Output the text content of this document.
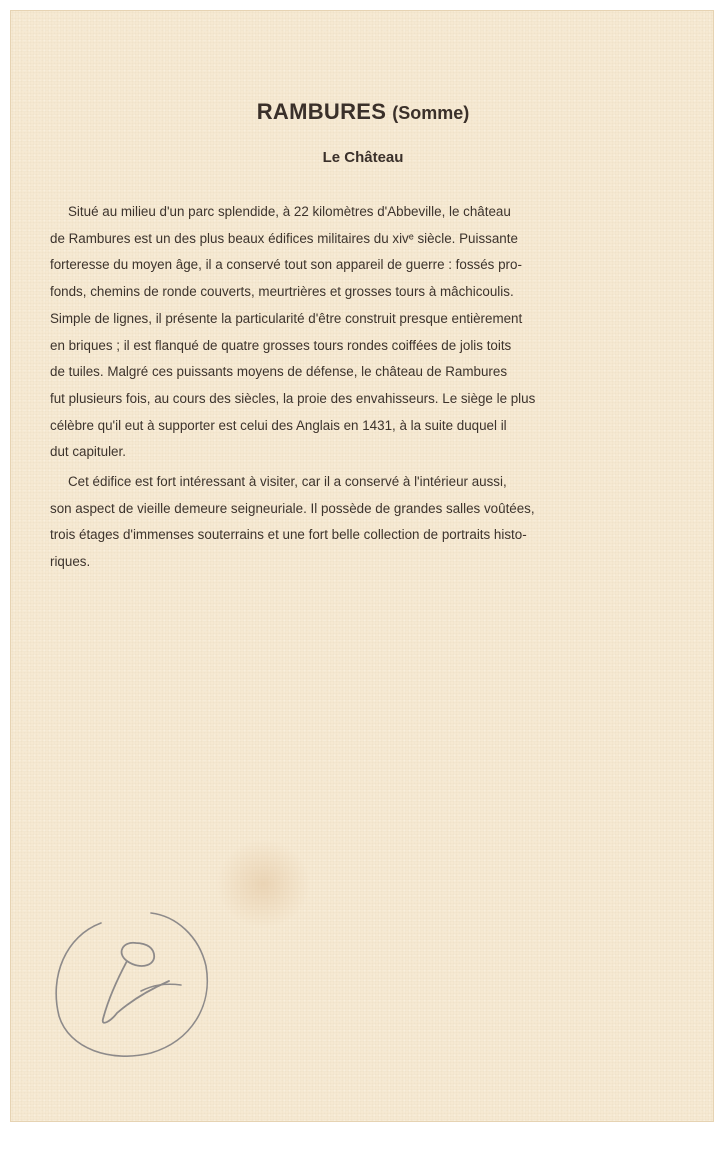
RAMBURES (Somme)
Le Château
Situé au milieu d'un parc splendide, à 22 kilomètres d'Abbeville, le château
de Rambures est un des plus beaux édifices militaires du xivᵉ siècle. Puissante
forteresse du moyen âge, il a conservé tout son appareil de guerre : fossés pro-
fonds, chemins de ronde couverts, meurtrières et grosses tours à mâchicoulis.
Simple de lignes, il présente la particularité d'être construit presque entièrement
en briques ; il est flanqué de quatre grosses tours rondes coiffées de jolis toits
de tuiles. Malgré ces puissants moyens de défense, le château de Rambures
fut plusieurs fois, au cours des siècles, la proie des envahisseurs. Le siège le plus
célèbre qu'il eut à supporter est celui des Anglais en 1431, à la suite duquel il
dut capituler.
Cet édifice est fort intéressant à visiter, car il a conservé à l'intérieur aussi,
son aspect de vieille demeure seigneuriale. Il possède de grandes salles voûtées,
trois étages d'immenses souterrains et une fort belle collection de portraits histo-
riques.
